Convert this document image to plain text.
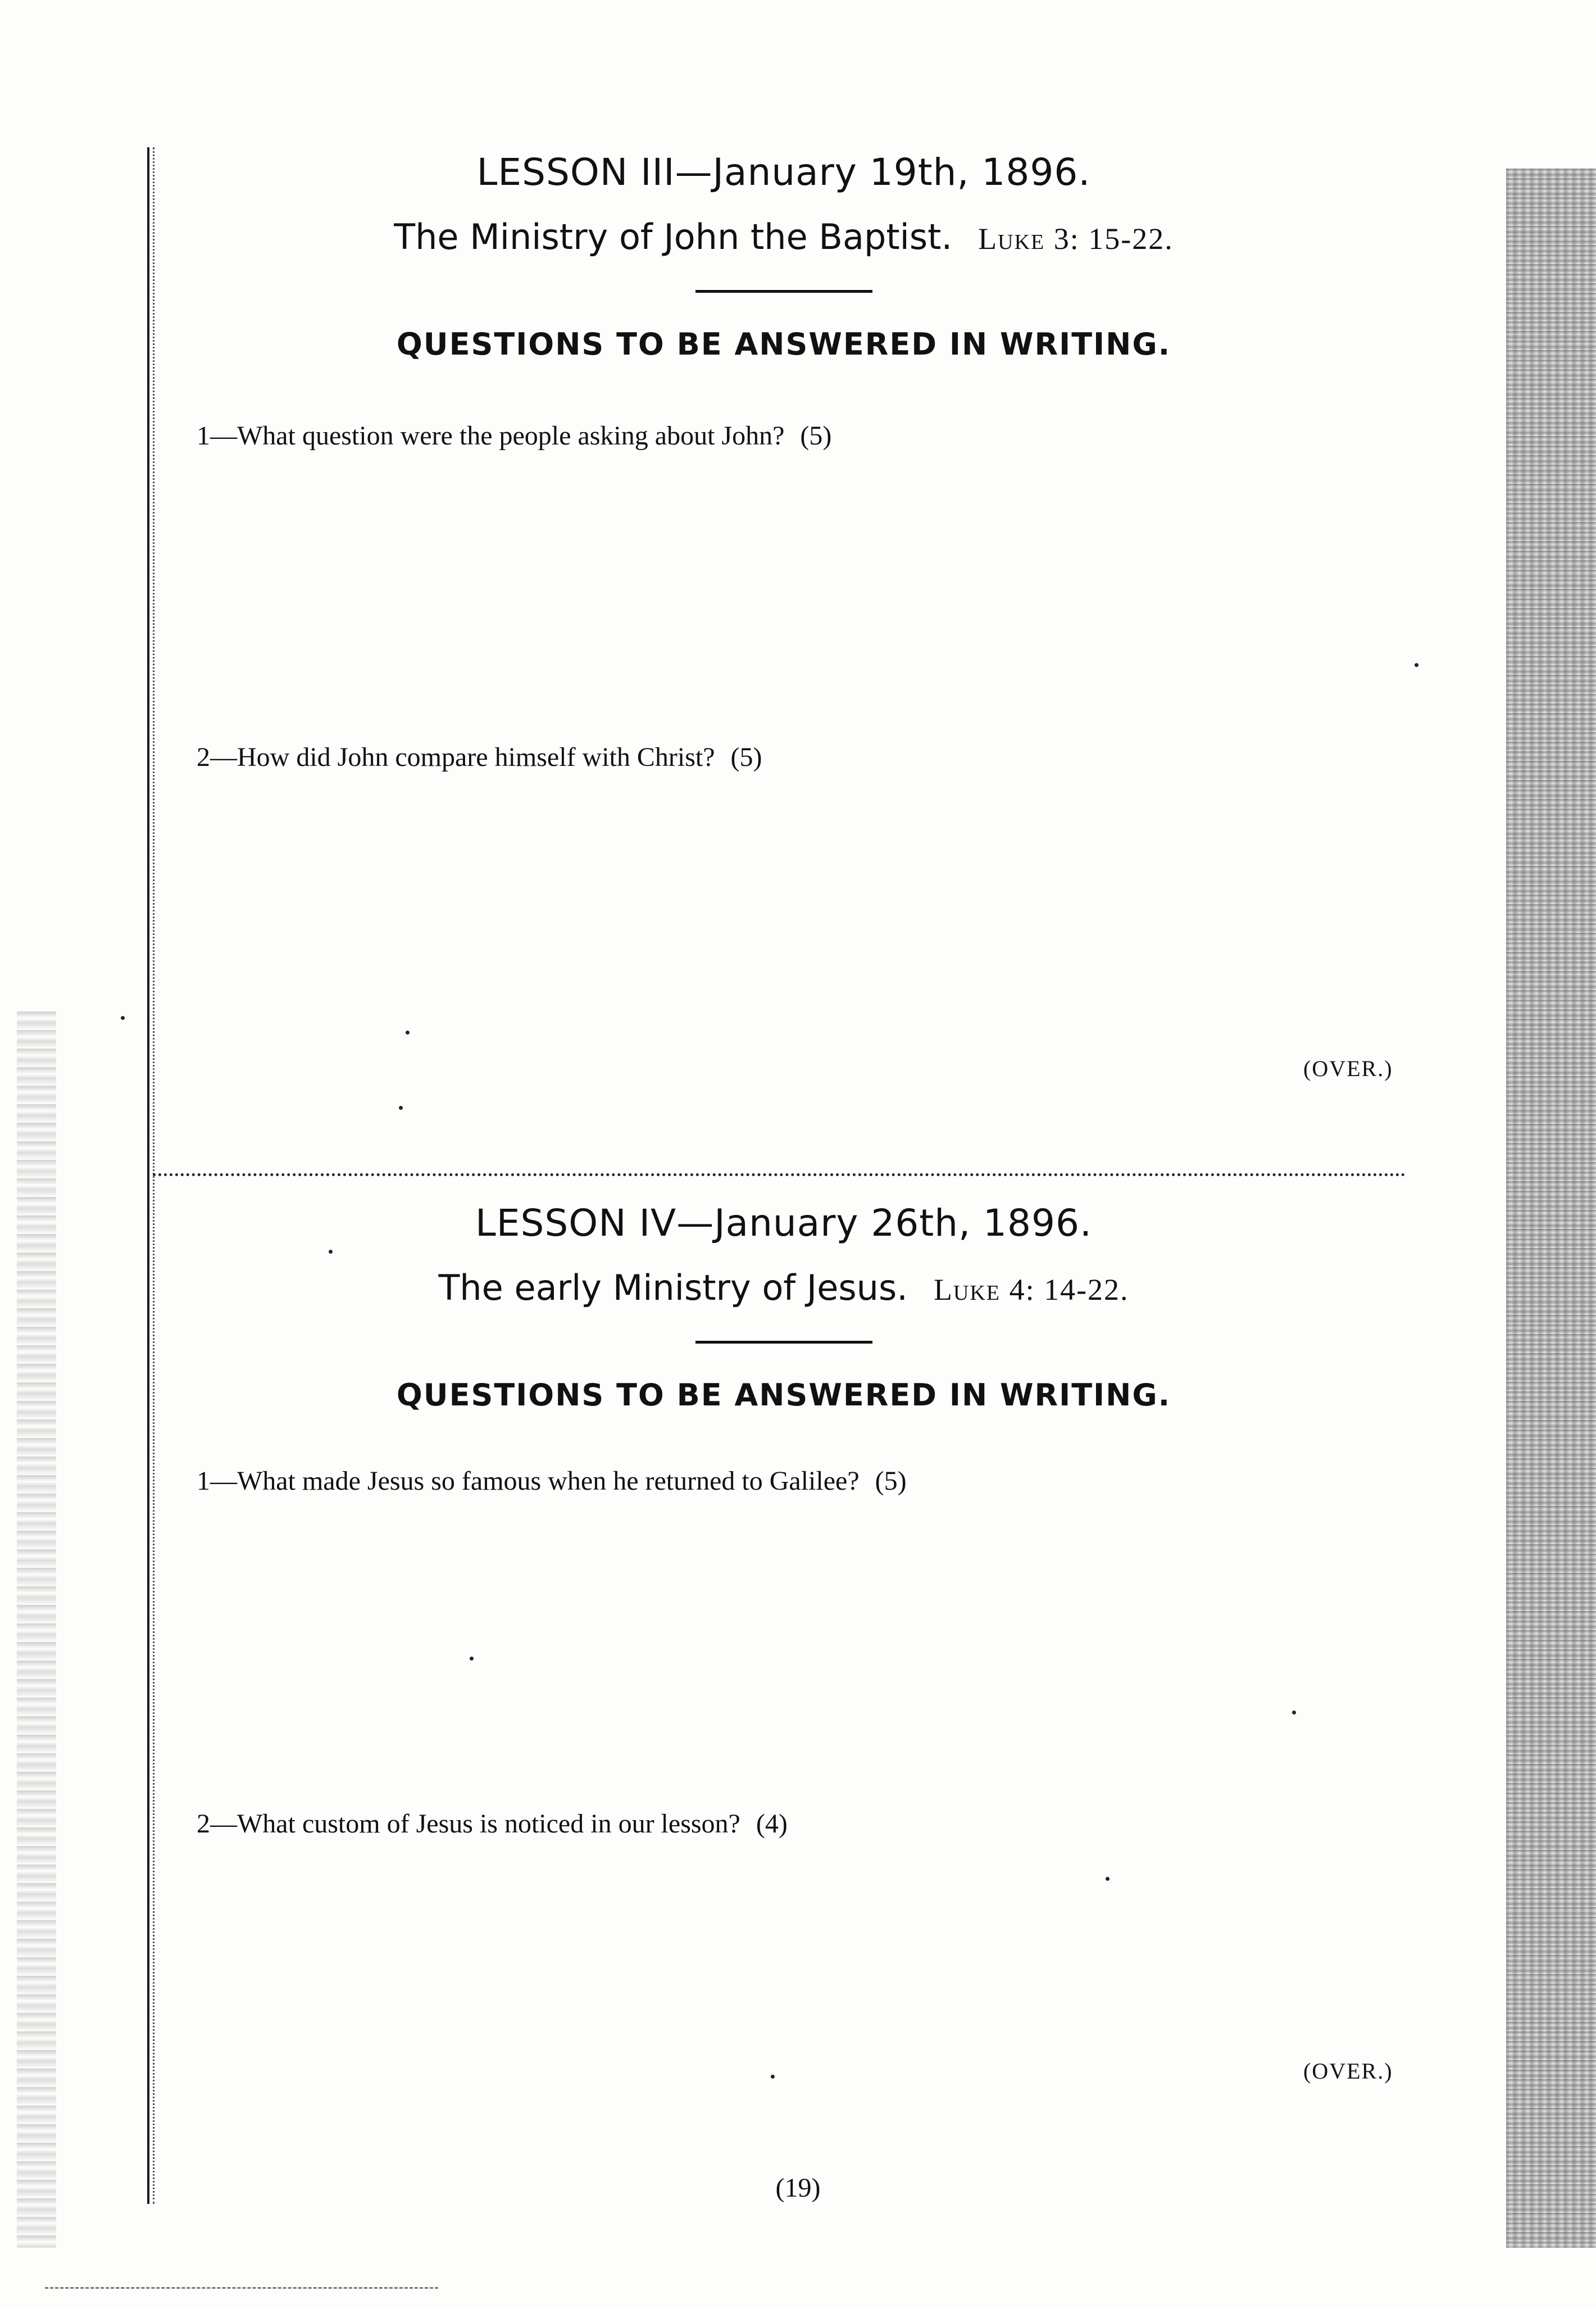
LESSON III—January 19th, 1896.
The Ministry of John the Baptist. Luke 3: 15-22.
QUESTIONS TO BE ANSWERED IN WRITING.
1—What question were the people asking about John? (5)
2—How did John compare himself with Christ? (5)
(OVER.)
LESSON IV—January 26th, 1896.
The early Ministry of Jesus. Luke 4: 14-22.
QUESTIONS TO BE ANSWERED IN WRITING.
1—What made Jesus so famous when he returned to Galilee? (5)
2—What custom of Jesus is noticed in our lesson? (4)
(OVER.)
(19)
